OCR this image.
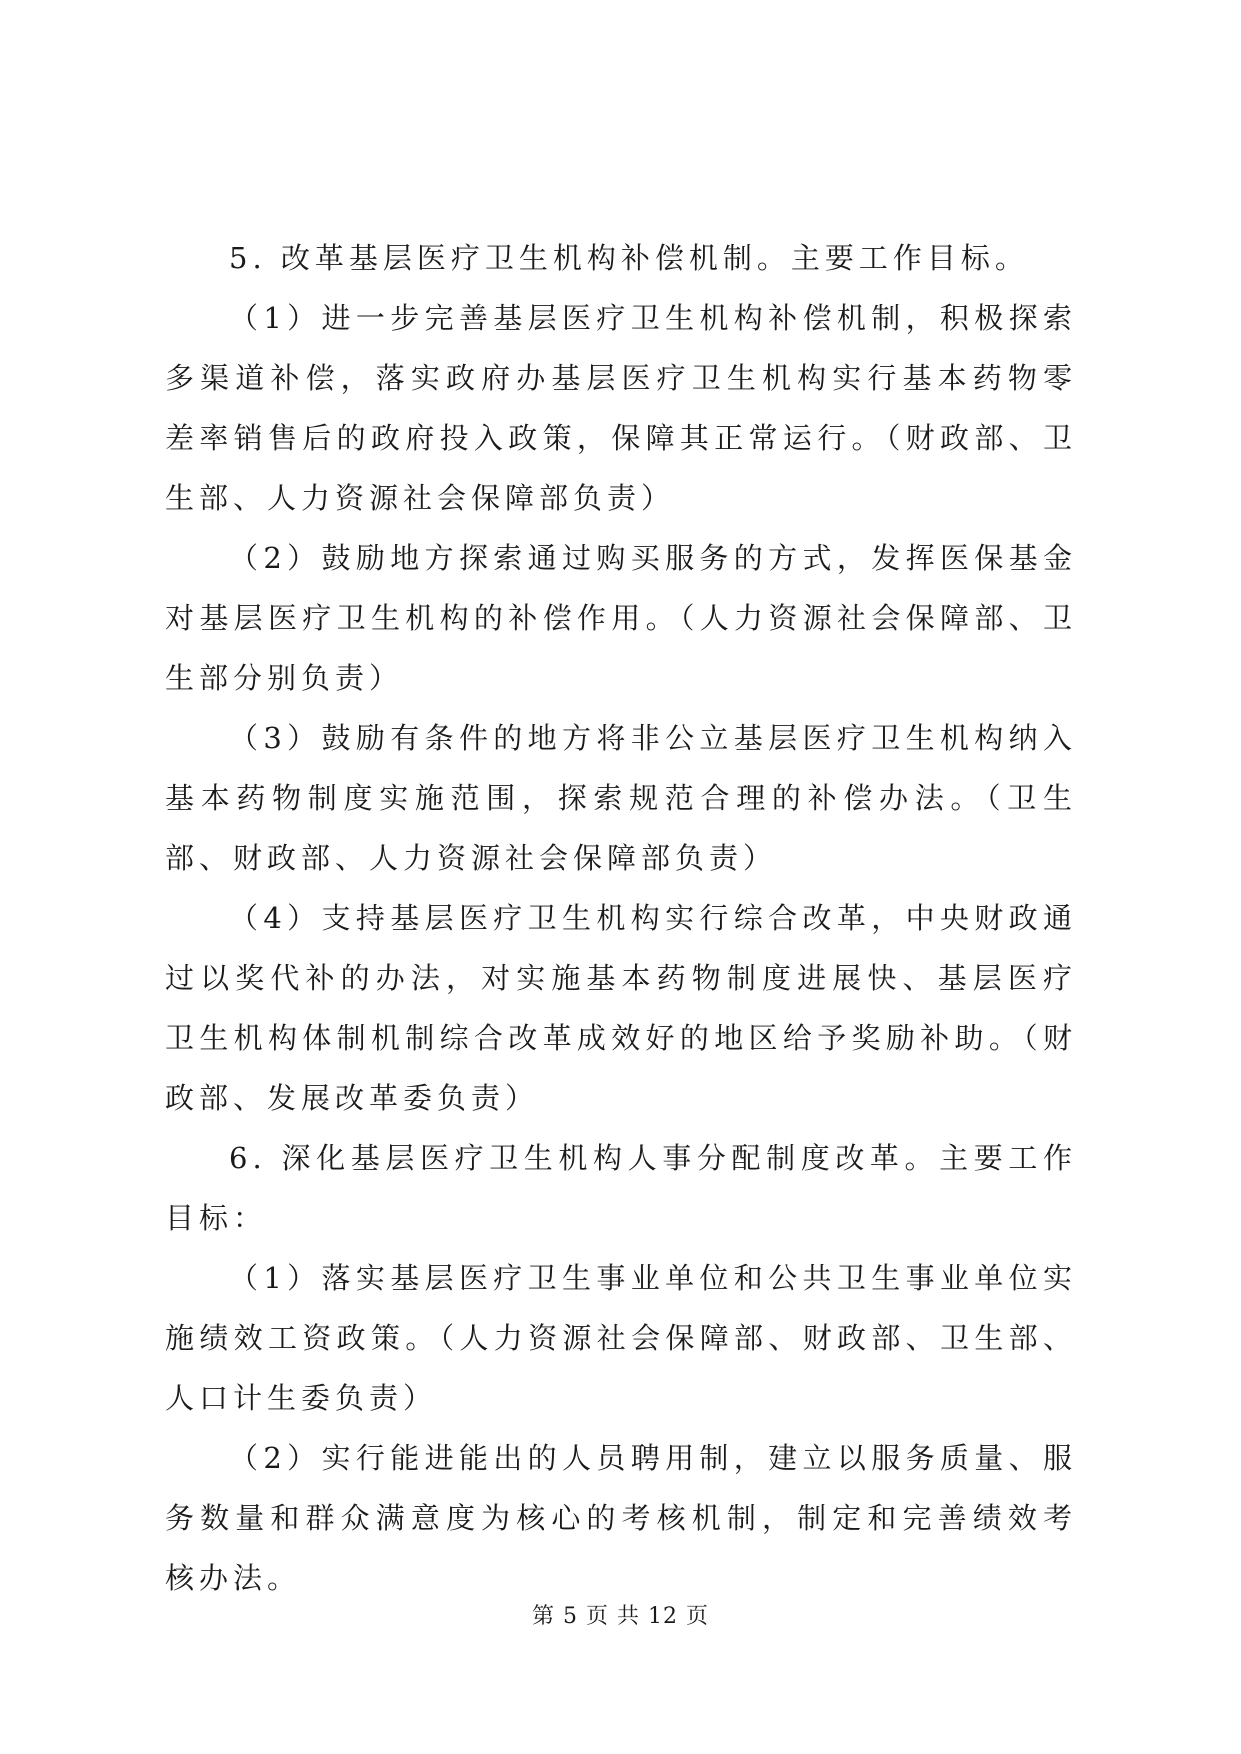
5. 改革基层医疗卫生机构补偿机制。主要工作目标。

（1）进一步完善基层医疗卫生机构补偿机制，积极探索多渠道补偿，落实政府办基层医疗卫生机构实行基本药物零差率销售后的政府投入政策，保障其正常运行。（财政部、卫生部、人力资源社会保障部负责）

（2）鼓励地方探索通过购买服务的方式，发挥医保基金对基层医疗卫生机构的补偿作用。（人力资源社会保障部、卫生部分别负责）

（3）鼓励有条件的地方将非公立基层医疗卫生机构纳入基本药物制度实施范围，探索规范合理的补偿办法。（卫生部、财政部、人力资源社会保障部负责）

（4）支持基层医疗卫生机构实行综合改革，中央财政通过以奖代补的办法，对实施基本药物制度进展快、基层医疗卫生机构体制机制综合改革成效好的地区给予奖励补助。（财政部、发展改革委负责）

6. 深化基层医疗卫生机构人事分配制度改革。主要工作目标：

（1）落实基层医疗卫生事业单位和公共卫生事业单位实施绩效工资政策。（人力资源社会保障部、财政部、卫生部、人口计生委负责）

（2）实行能进能出的人员聘用制，建立以服务质量、服务数量和群众满意度为核心的考核机制，制定和完善绩效考核办法。

第 5 页 共 12 页
